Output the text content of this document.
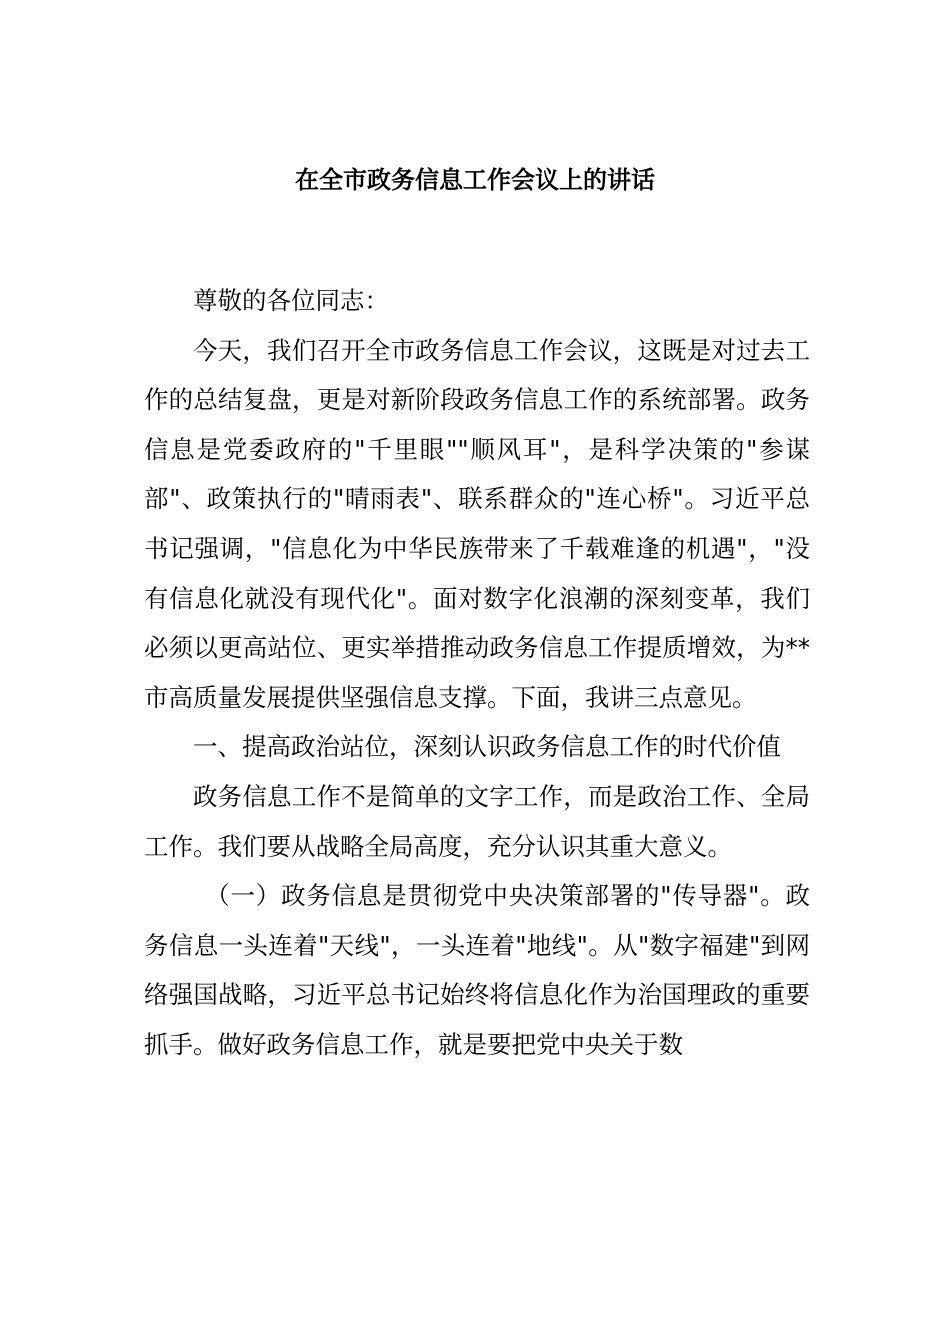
在全市政务信息工作会议上的讲话

尊敬的各位同志：

今天，我们召开全市政务信息工作会议，这既是对过去工作的总结复盘，更是对新阶段政务信息工作的系统部署。政务信息是党委政府的"千里眼""顺风耳"，是科学决策的"参谋部"、政策执行的"晴雨表"、联系群众的"连心桥"。习近平总书记强调，"信息化为中华民族带来了千载难逢的机遇"，"没有信息化就没有现代化"。面对数字化浪潮的深刻变革，我们必须以更高站位、更实举措推动政务信息工作提质增效，为**市高质量发展提供坚强信息支撑。下面，我讲三点意见。

一、提高政治站位，深刻认识政务信息工作的时代价值

政务信息工作不是简单的文字工作，而是政治工作、全局工作。我们要从战略全局高度，充分认识其重大意义。

（一）政务信息是贯彻党中央决策部署的"传导器"。政务信息一头连着"天线"，一头连着"地线"。从"数字福建"到网络强国战略，习近平总书记始终将信息化作为治国理政的重要抓手。做好政务信息工作，就是要把党中央关于数
